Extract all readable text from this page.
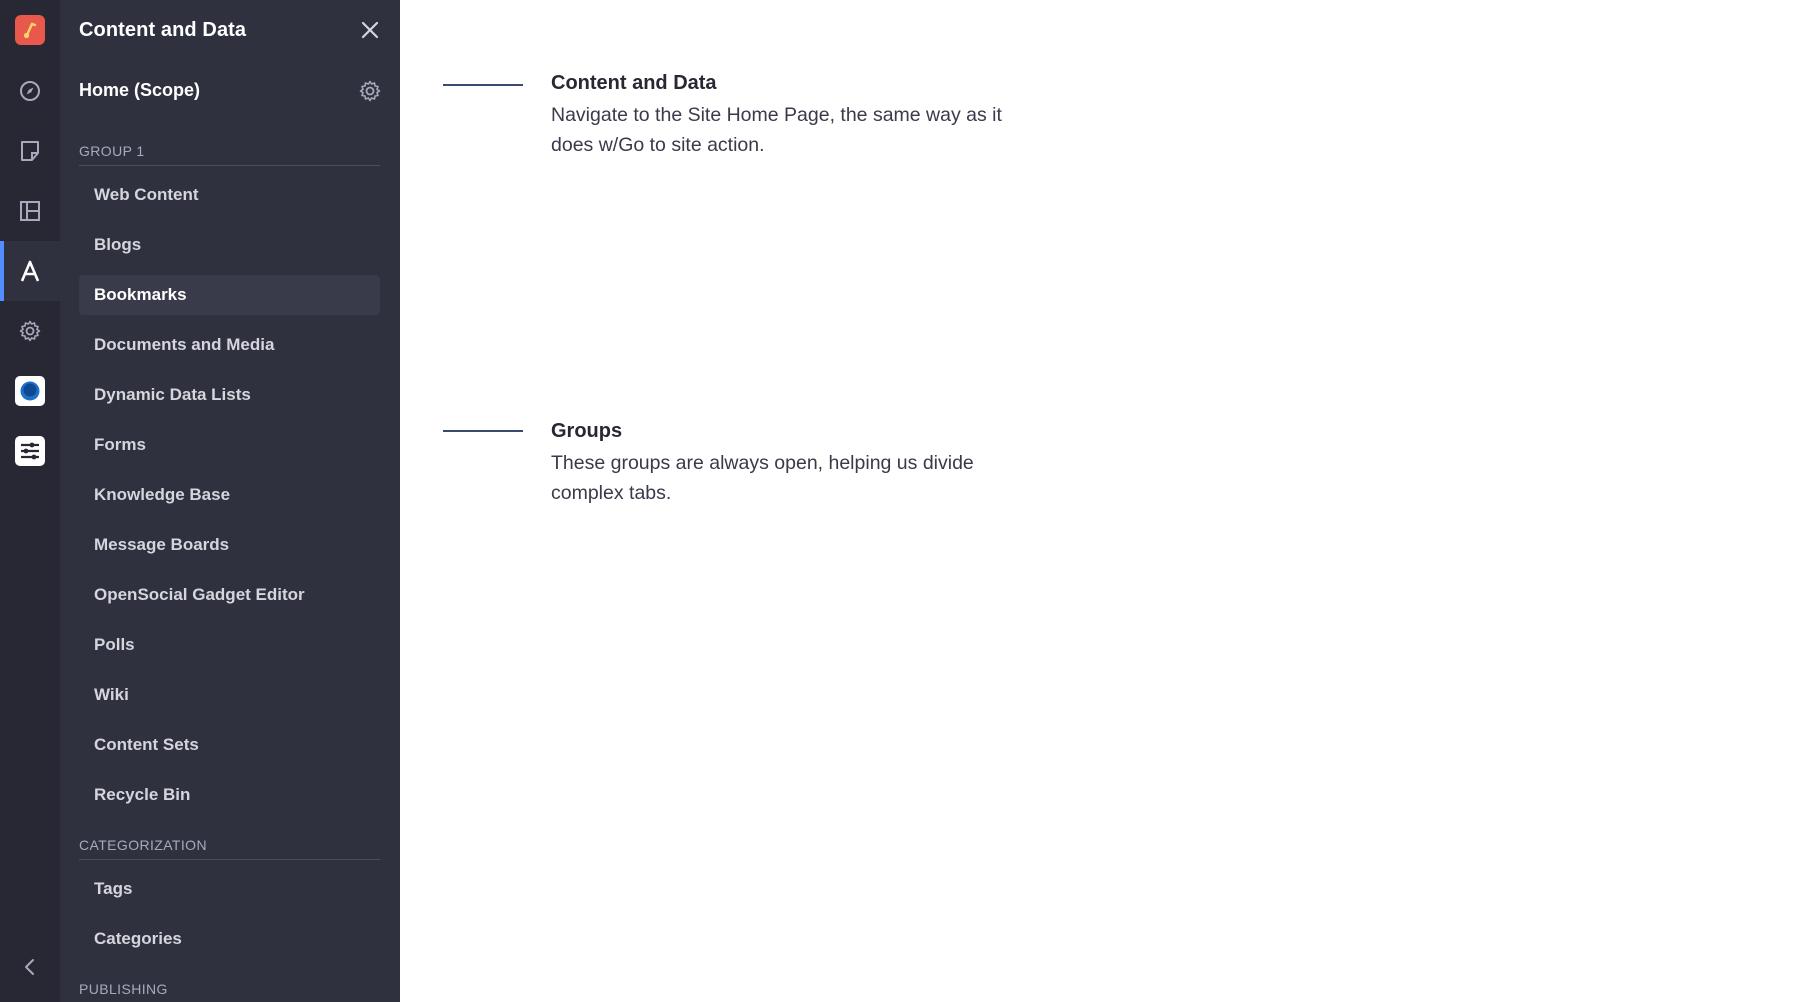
Content and Data
Home (Scope)
GROUP 1
Web Content
Blogs
Bookmarks
Documents and Media
Dynamic Data Lists
Forms
Knowledge Base
Message Boards
OpenSocial Gadget Editor
Polls
Wiki
Content Sets
Recycle Bin
CATEGORIZATION
Tags
Categories
PUBLISHING
Content and Data
Navigate to the Site Home Page, the same way as it does w/Go to site action.
Groups
These groups are always open, helping us divide complex tabs.
